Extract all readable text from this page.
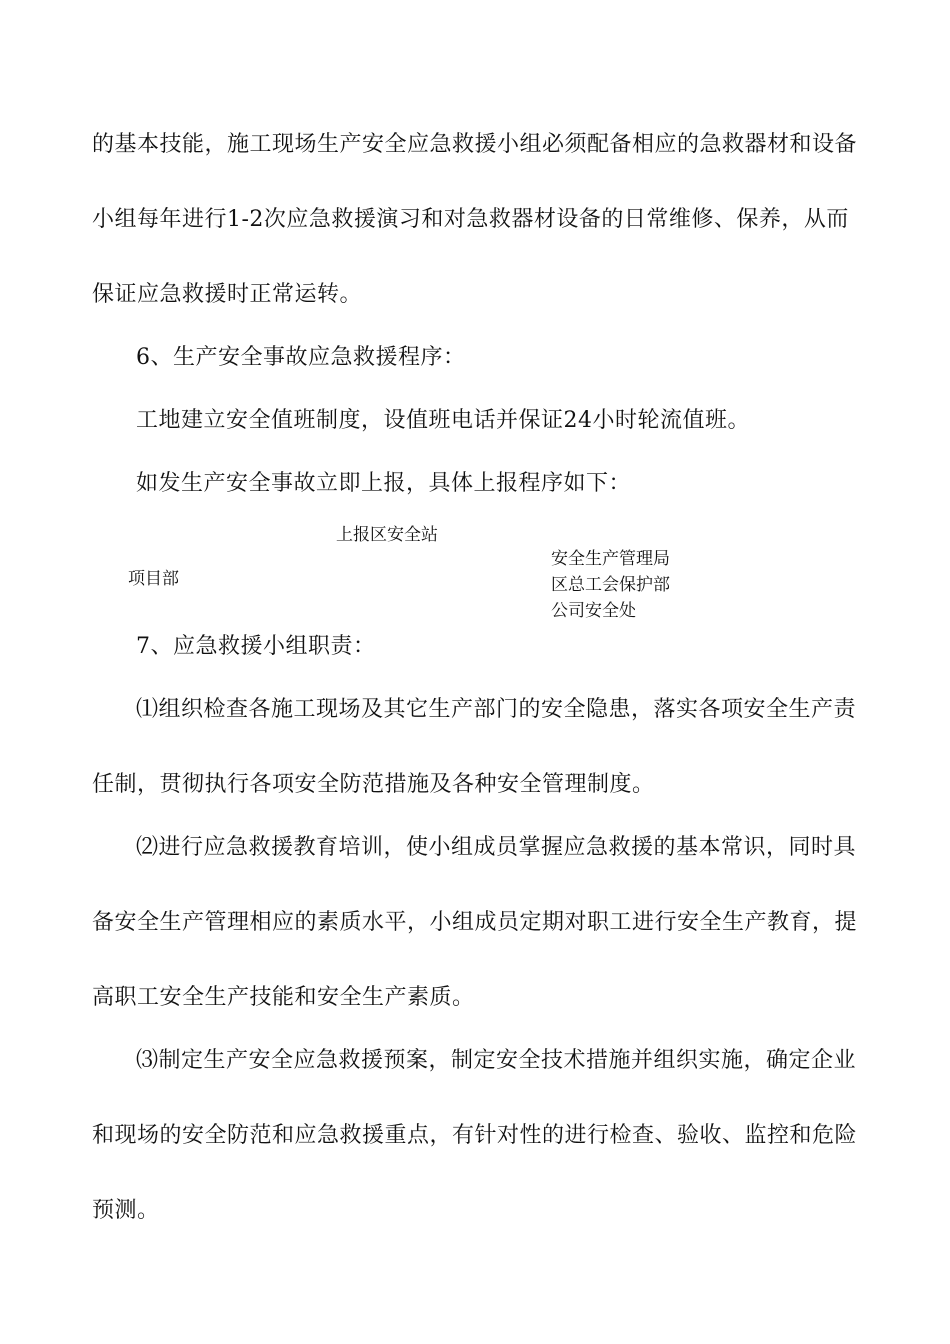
的基本技能，施工现场生产安全应急救援小组必须配备相应的急救器材和设备
小组每年进行1-2次应急救援演习和对急救器材设备的日常维修、保养，从而
保证应急救援时正常运转。
6、生产安全事故应急救援程序：
工地建立安全值班制度，设值班电话并保证24小时轮流值班。
如发生产安全事故立即上报，具体上报程序如下：
上报区安全站
项目部
安全生产管理局
区总工会保护部
公司安全处
7、应急救援小组职责：
⑴组织检查各施工现场及其它生产部门的安全隐患，落实各项安全生产责
任制，贯彻执行各项安全防范措施及各种安全管理制度。
⑵进行应急救援教育培训，使小组成员掌握应急救援的基本常识，同时具
备安全生产管理相应的素质水平，小组成员定期对职工进行安全生产教育，提
高职工安全生产技能和安全生产素质。
⑶制定生产安全应急救援预案，制定安全技术措施并组织实施，确定企业
和现场的安全防范和应急救援重点，有针对性的进行检查、验收、监控和危险
预测。
